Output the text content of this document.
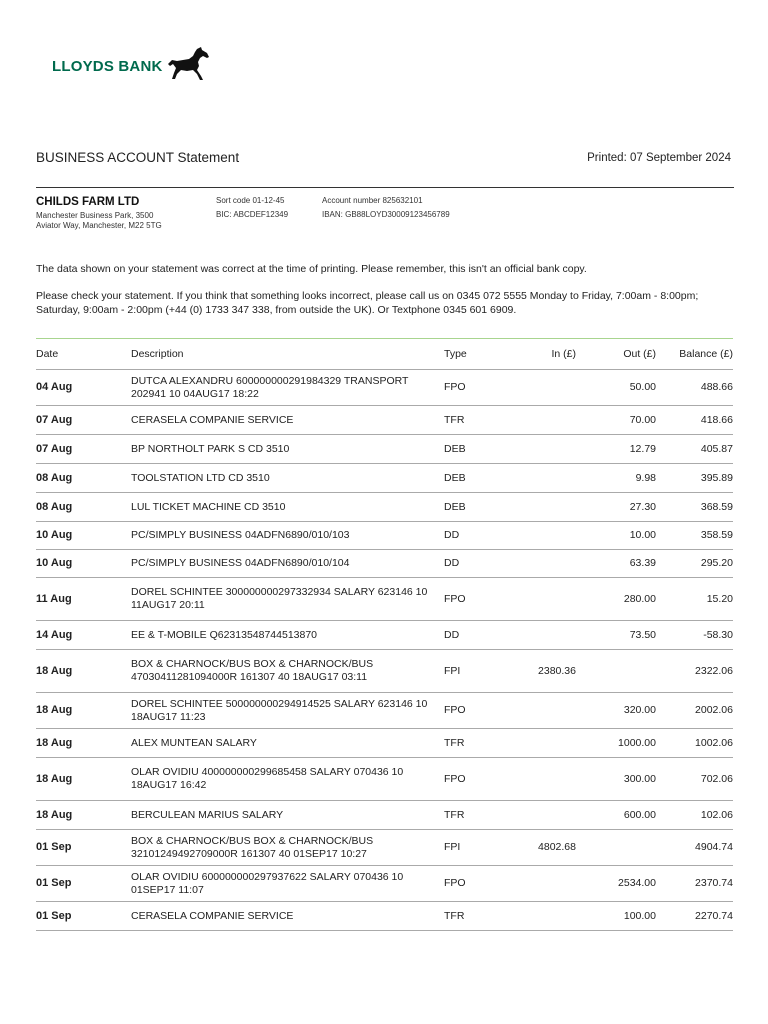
LLOYDS BANK
BUSINESS ACCOUNT Statement	Printed: 07 September 2024
CHILDS FARM LTD
Manchester Business Park, 3500
Aviator Way, Manchester, M22 5TG
Sort code 01-12-45
BIC: ABCDEF12349
Account number 825632101
IBAN: GB88LOYD30009123456789
The data shown on your statement was correct at the time of printing. Please remember, this isn't an official bank copy.
Please check your statement. If you think that something looks incorrect, please call us on 0345 072 5555 Monday to Friday, 7:00am - 8:00pm; Saturday, 9:00am - 2:00pm (+44 (0) 1733 347 338, from outside the UK). Or Textphone 0345 601 6909.
Date	Description	Type	In (£)	Out (£)	Balance (£)
04 Aug	DUTCA ALEXANDRU 600000000291984329 TRANSPORT 202941 10 04AUG17 18:22	FPO		50.00	488.66
07 Aug	CERASELA COMPANIE SERVICE	TFR		70.00	418.66
07 Aug	BP NORTHOLT PARK S CD 3510	DEB		12.79	405.87
08 Aug	TOOLSTATION LTD CD 3510	DEB		9.98	395.89
08 Aug	LUL TICKET MACHINE CD 3510	DEB		27.30	368.59
10 Aug	PC/SIMPLY BUSINESS 04ADFN6890/010/103	DD		10.00	358.59
10 Aug	PC/SIMPLY BUSINESS 04ADFN6890/010/104	DD		63.39	295.20
11 Aug	DOREL SCHINTEE 300000000297332934 SALARY 623146 10 11AUG17 20:11	FPO		280.00	15.20
14 Aug	EE & T-MOBILE Q62313548744513870	DD		73.50	-58.30
18 Aug	BOX & CHARNOCK/BUS BOX & CHARNOCK/BUS 47030411281094000R 161307 40 18AUG17 03:11	FPI	2380.36		2322.06
18 Aug	DOREL SCHINTEE 500000000294914525 SALARY 623146 10 18AUG17 11:23	FPO		320.00	2002.06
18 Aug	ALEX MUNTEAN SALARY	TFR		1000.00	1002.06
18 Aug	OLAR OVIDIU 400000000299685458 SALARY 070436 10 18AUG17 16:42	FPO		300.00	702.06
18 Aug	BERCULEAN MARIUS SALARY	TFR		600.00	102.06
01 Sep	BOX & CHARNOCK/BUS BOX & CHARNOCK/BUS 32101249492709000R 161307 40 01SEP17 10:27	FPI	4802.68		4904.74
01 Sep	OLAR OVIDIU 600000000297937622 SALARY 070436 10 01SEP17 11:07	FPO		2534.00	2370.74
01 Sep	CERASELA COMPANIE SERVICE	TFR		100.00	2270.74
